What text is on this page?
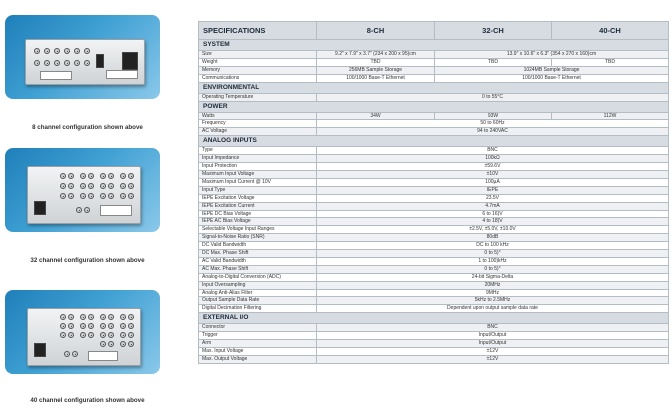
8 channel configuration shown above
32 channel configuration shown above
40 channel configuration shown above
SPECIFICATIONS	8-CH	32-CH	40-CH
SYSTEM			
Size	9.2" x 7.9" x 3.7" (234 x 200 x 95)cm	13.9" x 10.6" x 6.3" (354 x 270 x 160)cm	
Weight	TBD	TBD	TBD
Memory	256MB Sample Storage	1024MB Sample Storage	
Communications	100/1000 Base-T Ethernet	100/1000 Base-T Ethernet	
ENVIRONMENTAL			
Operating Temperature	0 to 55°C		
POWER			
Watts	34W	93W	112W
Frequency	50 to 60Hz		
AC Voltage	94 to 240VAC		
ANALOG INPUTS			
Type	BNC		
Input Impedance	100kΩ		
Input Protection	±59.6V		
Maximum Input Voltage	±10V		
Maximum Input Current @ 10V	100µA		
Input Type	IEPE		
IEPE Excitation Voltage	23.5V		
IEPE Excitation Current	4.7mA		
IEPE DC Bias Voltage	6 to 16)V		
IEPE AC Bias Voltage	4 to 18)V		
Selectable Voltage Input Ranges	±2.5V, ±5.0V, ±10.0V		
Signal-to-Noise Ratio (SNR)	80dB		
DC Valid Bandwidth	DC to 100 kHz		
DC Max. Phase Shift	0 to 5)°		
AC Valid Bandwidth	1 to 100)kHz		
AC Max. Phase Shift	0 to 5)°		
Analog-to-Digital Conversion (ADC)	24-bit Sigma-Delta		
Input Oversampling	20MHz		
Analog Anti-Alias Filter	9MHz		
Output Sample Data Rate	5kHz to 2.5MHz		
Digital Decimation Filtering	Dependent upon output sample data rate		
EXTERNAL I/O			
Connector	BNC		
Trigger	Input/Output		
Arm	Input/Output		
Max. Input Voltage	±12V		
Max. Output Voltage	±12V		
